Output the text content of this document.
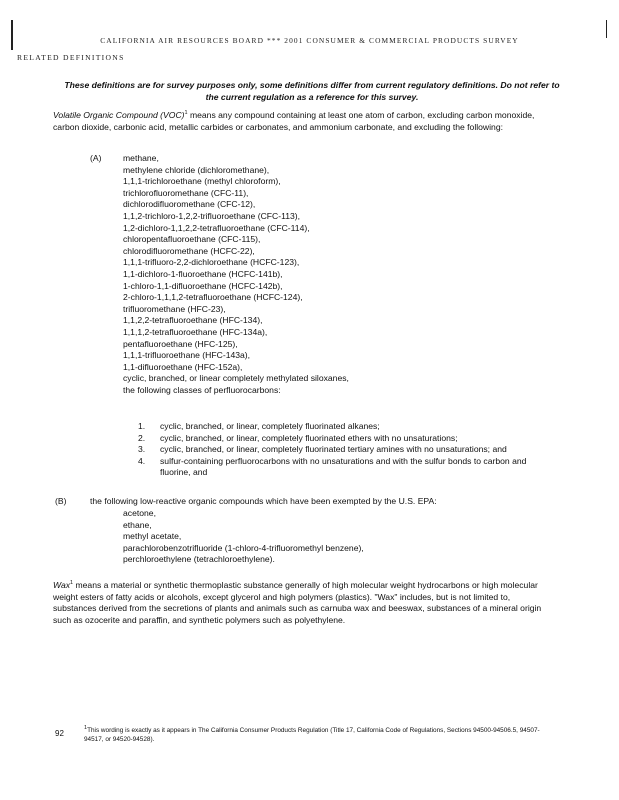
CALIFORNIA AIR RESOURCES BOARD *** 2001 CONSUMER & COMMERCIAL PRODUCTS SURVEY
RELATED DEFINITIONS
These definitions are for survey purposes only, some definitions differ from current regulatory definitions. Do not refer to the current regulation as a reference for this survey.

Volatile Organic Compound (VOC)$^1$ means any compound containing at least one atom of carbon, excluding carbon monoxide, carbon dioxide, carbonic acid, metallic carbides or carbonates, and ammonium carbonate, and excluding the following:

(A)	methane,
methylene chloride (dichloromethane),
1,1,1-trichloroethane (methyl chloroform),
trichlorofluoromethane (CFC-11),
dichlorodifluoromethane (CFC-12),
1,1,2-trichloro-1,2,2-trifluoroethane (CFC-113),
1,2-dichloro-1,1,2,2-tetrafluoroethane (CFC-114),
chloropentafluoroethane (CFC-115),
chlorodifluoromethane (HCFC-22),
1,1,1-trifluoro-2,2-dichloroethane (HCFC-123),
1,1-dichloro-1-fluoroethane (HCFC-141b),
1-chloro-1,1-difluoroethane (HCFC-142b),
2-chloro-1,1,1,2-tetrafluoroethane (HCFC-124),
trifluoromethane (HFC-23),
1,1,2,2-tetrafluoroethane (HFC-134),
1,1,1,2-tetrafluoroethane (HFC-134a),
pentafluoroethane (HFC-125),
1,1,1-trifluoroethane (HFC-143a),
1,1-difluoroethane (HFC-152a),
cyclic, branched, or linear completely methylated siloxanes,
the following classes of perfluorocarbons:
1. cyclic, branched, or linear, completely fluorinated alkanes;
2. cyclic, branched, or linear, completely fluorinated ethers with no unsaturations;
3. cyclic, branched, or linear, completely fluorinated tertiary amines with no unsaturations; and
4. sulfur-containing perfluorocarbons with no unsaturations and with the sulfur bonds to carbon and fluorine, and
(B)	the following low-reactive organic compounds which have been exempted by the U.S. EPA:
acetone,
ethane,
methyl acetate,
parachlorobenzotrifluoride (1-chloro-4-trifluoromethyl benzene),
perchloroethylene (tetrachloroethylene).

Wax$^1$ means a material or synthetic thermoplastic substance generally of high molecular weight hydrocarbons or high molecular weight esters of fatty acids or alcohols, except glycerol and high polymers (plastics). "Wax" includes, but is not limited to, substances derived from the secretions of plants and animals such as carnuba wax and beeswax, substances of a mineral origin such as ozocerite and paraffin, and synthetic polymers such as polyethylene.

92
$^1$This wording is exactly as it appears in The California Consumer Products Regulation (Title 17, California Code of Regulations, Sections 94500-94506.5, 94507-94517, or 94520-94528).
